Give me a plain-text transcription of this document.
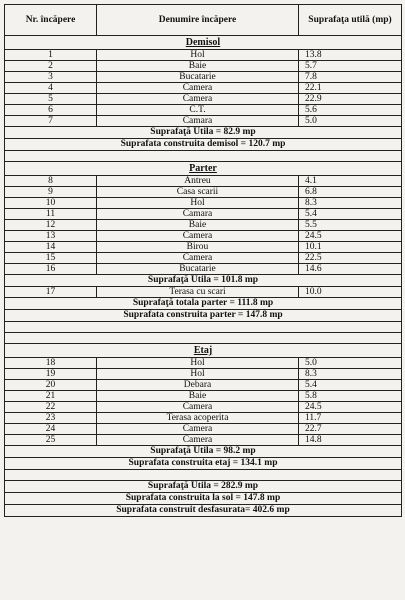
Nr. încăpere	Denumire încăpere	Suprafaţa utilă (mp)
Demisol		
1	Hol	13.8
2	Baie	5.7
3	Bucatarie	7.8
4	Camera	22.1
5	Camera	22.9
6	C.T.	5.6
7	Camara	5.0
Suprafaţă Utila = 82.9 mp		
Suprafata construita demisol = 120.7 mp		

Parter		
8	Antreu	4.1
9	Casa scarii	6.8
10	Hol	8.3
11	Camara	5.4
12	Baie	5.5
13	Camera	24.5
14	Birou	10.1
15	Camera	22.5
16	Bucatarie	14.6
Suprafaţă Utila = 101.8 mp		
17	Terasa cu scari	10.0
Suprafaţă totala parter = 111.8 mp		
Suprafata construita parter = 147.8 mp		

Etaj		
18	Hol	5.0
19	Hol	8.3
20	Debara	5.4
21	Baie	5.8
22	Camera	24.5
23	Terasa acoperita	11.7
24	Camera	22.7
25	Camera	14.8
Suprafaţă Utila = 98.2 mp		
Suprafata construita etaj = 134.1 mp		

Suprafaţă Utila = 282.9 mp		
Suprafata construita la sol = 147.8 mp		
Suprafata construit desfasurata= 402.6 mp		
